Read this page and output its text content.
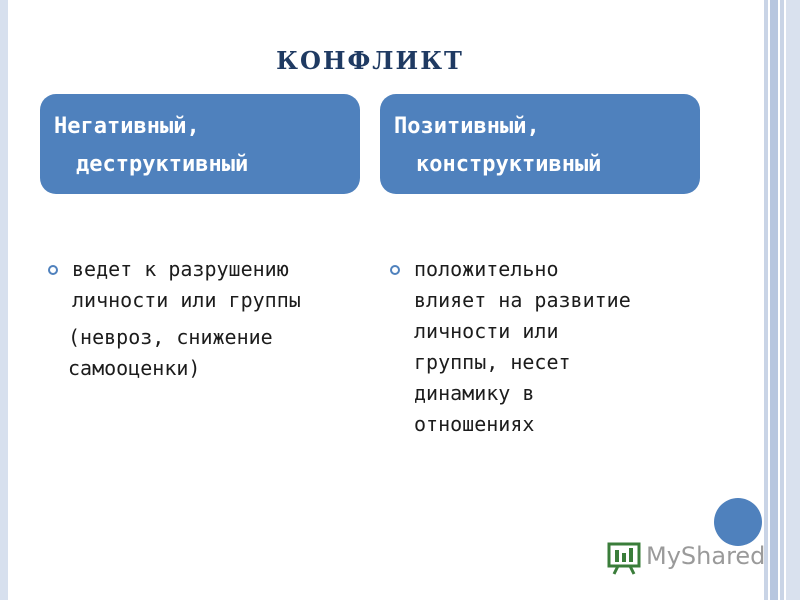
КОНФЛИКТ
Негативный,
деструктивный
Позитивный,
конструктивный
ведет к разрушению
личности или группы
(невроз, снижение
самооценки)
положительно
влияет на развитие
личности или
группы, несет
динамику в
отношениях
MyShared
